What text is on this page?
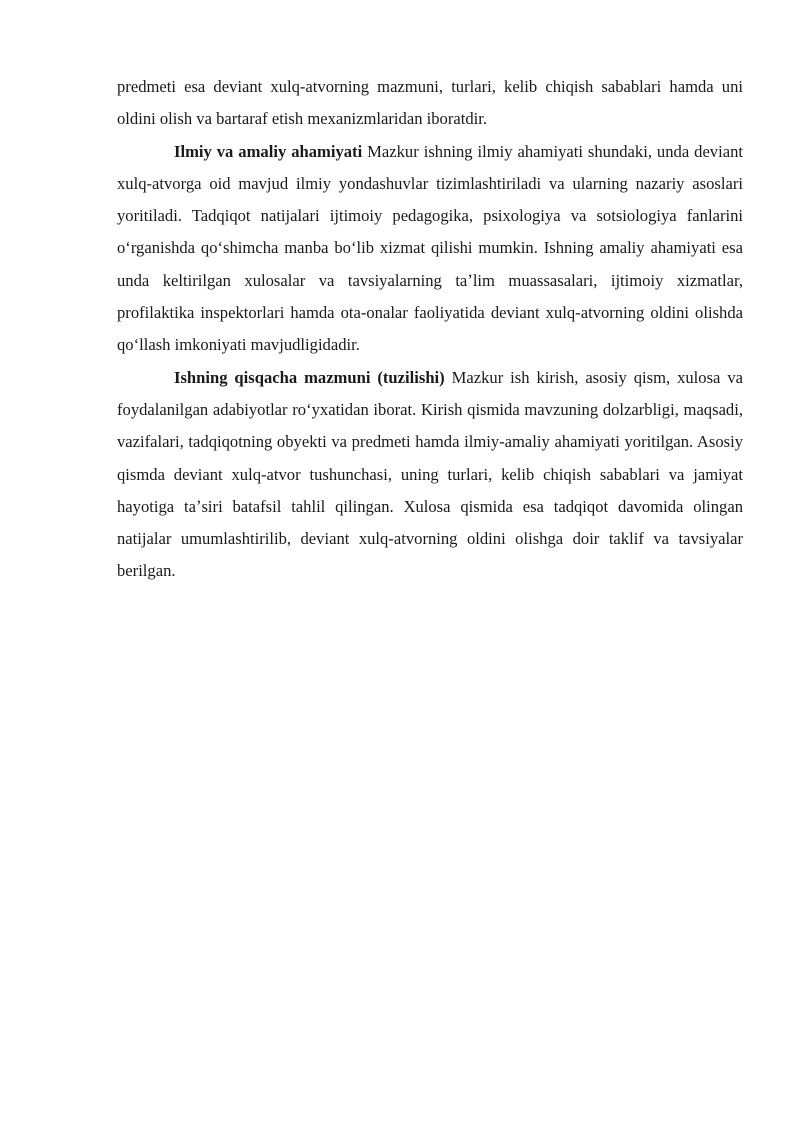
predmeti esa deviant xulq-atvorning mazmuni, turlari, kelib chiqish sabablari hamda uni oldini olish va bartaraf etish mexanizmlaridan iboratdir.

Ilmiy va amaliy ahamiyati Mazkur ishning ilmiy ahamiyati shundaki, unda deviant xulq-atvorga oid mavjud ilmiy yondashuvlar tizimlashtiriladi va ularning nazariy asoslari yoritiladi. Tadqiqot natijalari ijtimoiy pedagogika, psixologiya va sotsiologiya fanlarini oʻrganishda qoʻshimcha manba boʻlib xizmat qilishi mumkin. Ishning amaliy ahamiyati esa unda keltirilgan xulosalar va tavsiyalarning taʼlim muassasalari, ijtimoiy xizmatlar, profilaktika inspektorlari hamda ota-onalar faoliyatida deviant xulq-atvorning oldini olishda qoʻllash imkoniyati mavjudligidadir.

Ishning qisqacha mazmuni (tuzilishi) Mazkur ish kirish, asosiy qism, xulosa va foydalanilgan adabiyotlar roʻyxatidan iborat. Kirish qismida mavzuning dolzarbligi, maqsadi, vazifalari, tadqiqotning obyekti va predmeti hamda ilmiy-amaliy ahamiyati yoritilgan. Asosiy qismda deviant xulq-atvor tushunchasi, uning turlari, kelib chiqish sabablari va jamiyat hayotiga taʼsiri batafsil tahlil qilingan. Xulosa qismida esa tadqiqot davomida olingan natijalar umumlashtirilib, deviant xulq-atvorning oldini olishga doir taklif va tavsiyalar berilgan.
